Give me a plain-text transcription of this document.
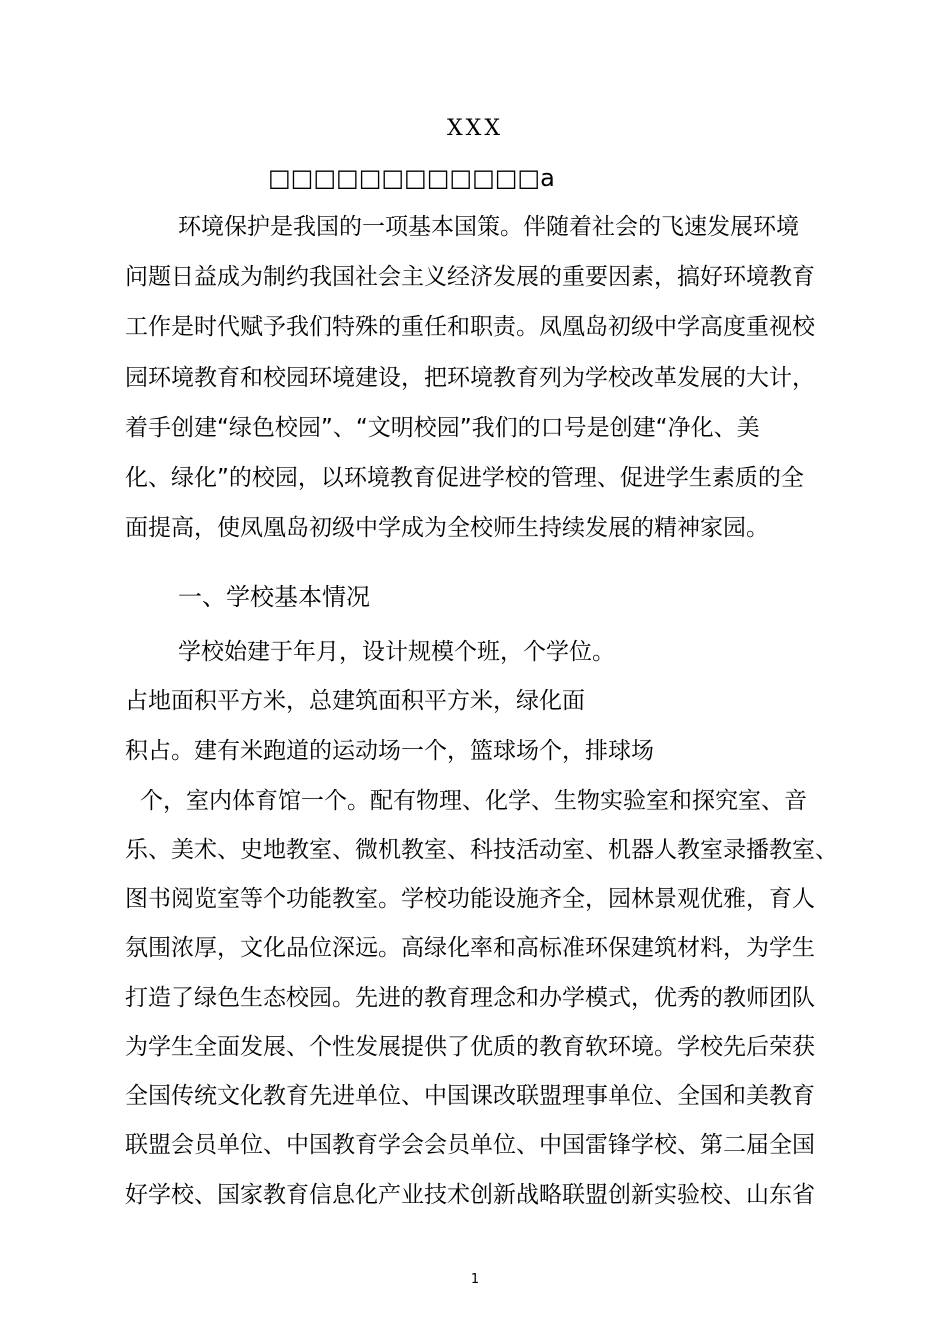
XXX
□□□□□□□□□□□□a
环境保护是我国的一项基本国策。伴随着社会的飞速发展环境
问题日益成为制约我国社会主义经济发展的重要因素，搞好环境教育
工作是时代赋予我们特殊的重任和职责。凤凰岛初级中学高度重视校
园环境教育和校园环境建设，把环境教育列为学校改革发展的大计，
着手创建“绿色校园”、“文明校园”我们的口号是创建“净化、美
化、绿化”的校园，以环境教育促进学校的管理、促进学生素质的全
面提高，使凤凰岛初级中学成为全校师生持续发展的精神家园。
一、学校基本情况
学校始建于年月，设计规模个班，个学位。
占地面积平方米，总建筑面积平方米，绿化面
积占。建有米跑道的运动场一个，篮球场个，排球场
个，室内体育馆一个。配有物理、化学、生物实验室和探究室、音
乐、美术、史地教室、微机教室、科技活动室、机器人教室录播教室、
图书阅览室等个功能教室。学校功能设施齐全，园林景观优雅，育人
氛围浓厚，文化品位深远。高绿化率和高标准环保建筑材料，为学生
打造了绿色生态校园。先进的教育理念和办学模式，优秀的教师团队
为学生全面发展、个性发展提供了优质的教育软环境。学校先后荣获
全国传统文化教育先进单位、中国课改联盟理事单位、全国和美教育
联盟会员单位、中国教育学会会员单位、中国雷锋学校、第二届全国
好学校、国家教育信息化产业技术创新战略联盟创新实验校、山东省
1
